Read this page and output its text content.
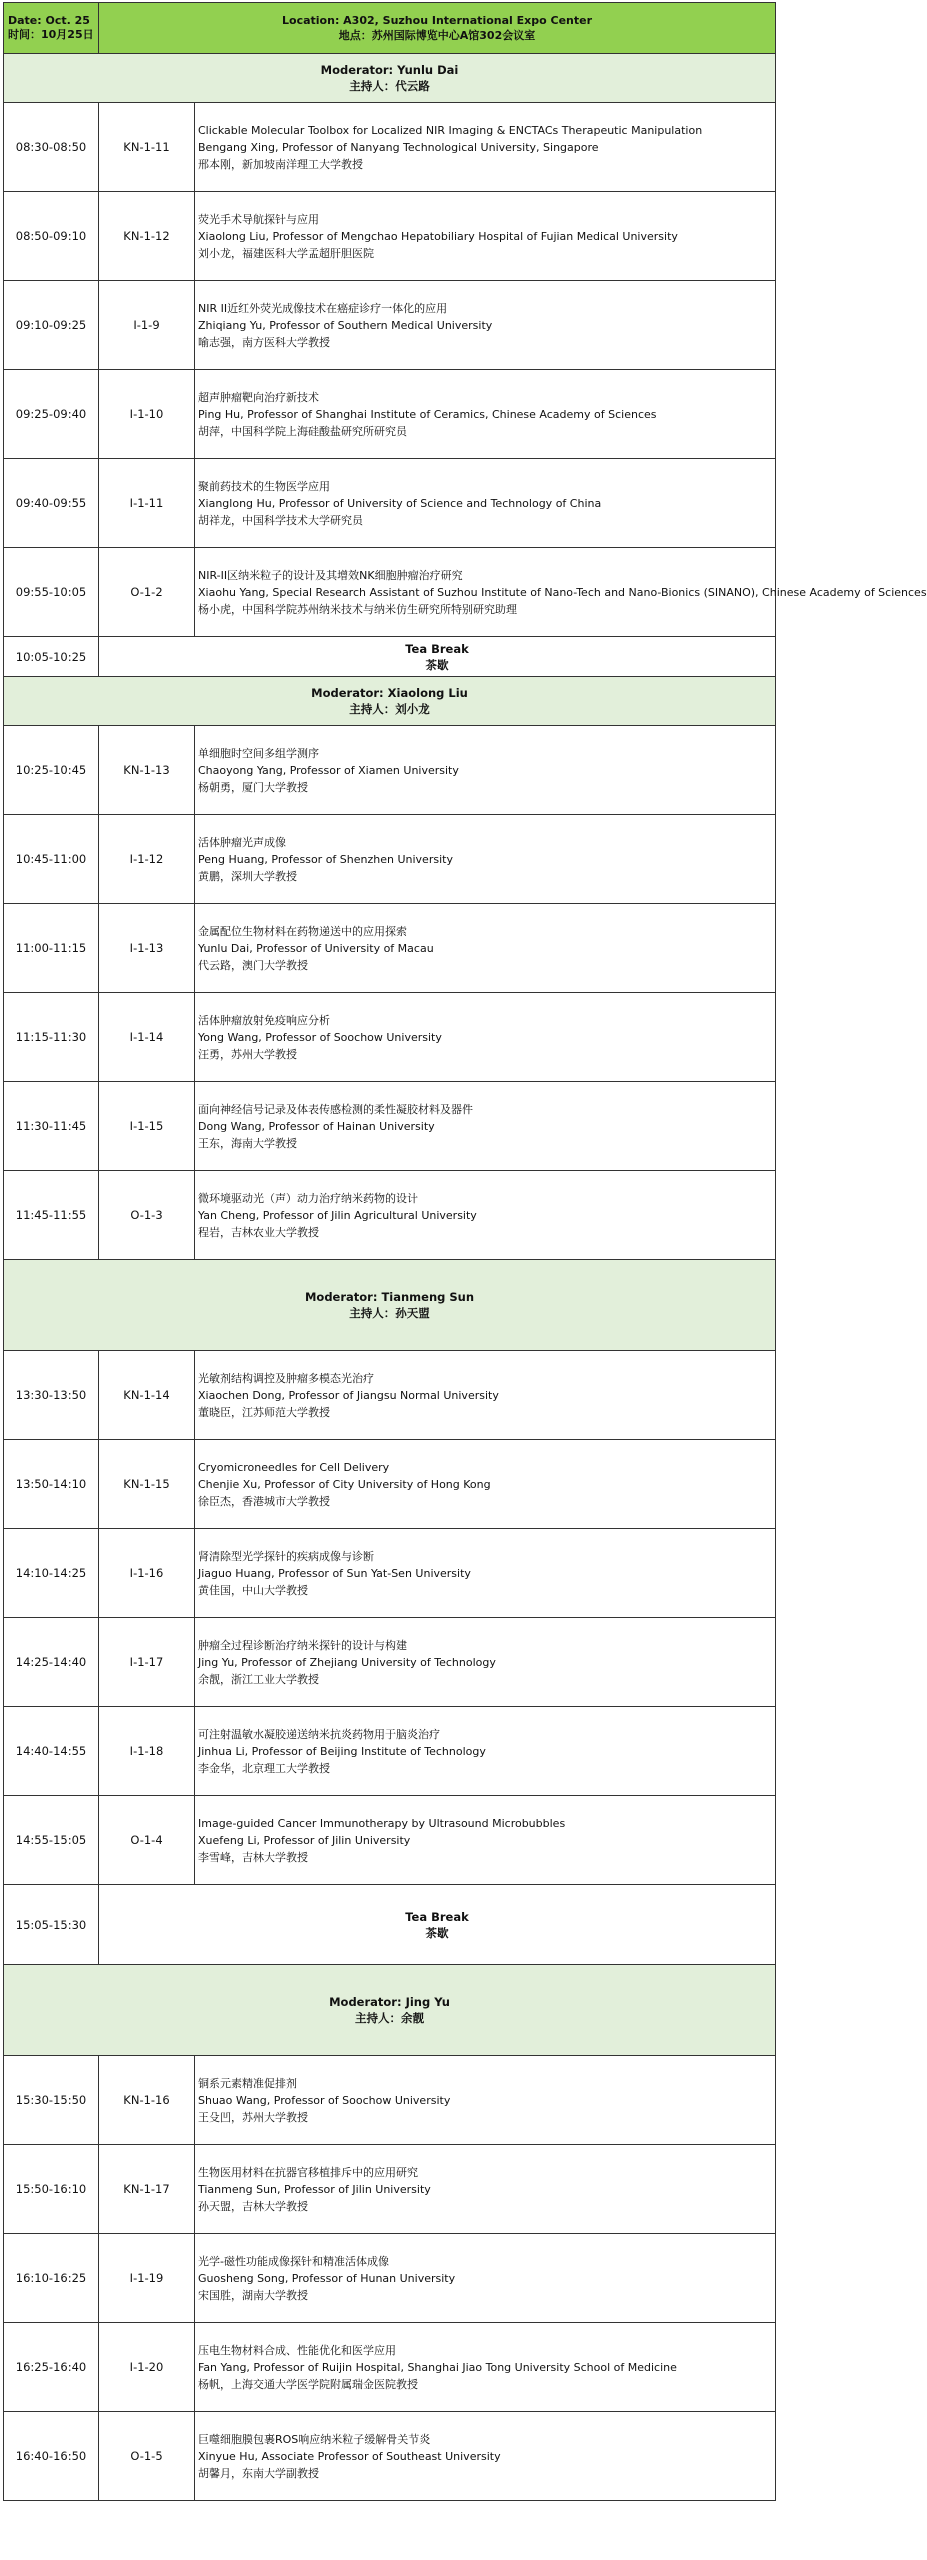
Date: Oct. 25
时间：10月25日	Location: A302, Suzhou International Expo Center
地点：苏州国际博览中心A馆302会议室	

Moderator: Yunlu Dai
主持人：代云路		

08:30-08:50	KN-1-11	Clickable Molecular Toolbox for Localized NIR Imaging & ENCTACs Therapeutic Manipulation
Bengang Xing, Professor of Nanyang Technological University, Singapore
邢本刚，新加坡南洋理工大学教授

08:50-09:10	KN-1-12	荧光手术导航探针与应用
Xiaolong Liu, Professor of Mengchao Hepatobiliary Hospital of Fujian Medical University
刘小龙，福建医科大学孟超肝胆医院

09:10-09:25	I-1-9	NIR II近红外荧光成像技术在癌症诊疗一体化的应用
Zhiqiang Yu, Professor of Southern Medical University
喻志强，南方医科大学教授

09:25-09:40	I-1-10	超声肿瘤靶向治疗新技术
Ping Hu, Professor of Shanghai Institute of Ceramics, Chinese Academy of Sciences
胡萍，中国科学院上海硅酸盐研究所研究员

09:40-09:55	I-1-11	聚前药技术的生物医学应用
Xianglong Hu, Professor of University of Science and Technology of China
胡祥龙，中国科学技术大学研究员

09:55-10:05	O-1-2	NIR-II区纳米粒子的设计及其增效NK细胞肿瘤治疗研究
Xiaohu Yang, Special Research Assistant of Suzhou Institute of Nano-Tech and Nano-Bionics (SINANO), Chinese Academy of Sciences
杨小虎，中国科学院苏州纳米技术与纳米仿生研究所特别研究助理

10:05-10:25	Tea Break
茶歇	

Moderator: Xiaolong Liu
主持人：刘小龙		

10:25-10:45	KN-1-13	单细胞时空间多组学测序
Chaoyong Yang, Professor of Xiamen University
杨朝勇，厦门大学教授

10:45-11:00	I-1-12	活体肿瘤光声成像
Peng Huang, Professor of Shenzhen University
黄鹏，深圳大学教授

11:00-11:15	I-1-13	金属配位生物材料在药物递送中的应用探索
Yunlu Dai, Professor of University of Macau
代云路，澳门大学教授

11:15-11:30	I-1-14	活体肿瘤放射免疫响应分析
Yong Wang, Professor of Soochow University
汪勇，苏州大学教授

11:30-11:45	I-1-15	面向神经信号记录及体表传感检测的柔性凝胶材料及器件
Dong Wang, Professor of Hainan University
王东，海南大学教授

11:45-11:55	O-1-3	微环境驱动光（声）动力治疗纳米药物的设计
Yan Cheng, Professor of Jilin Agricultural University
程岩，吉林农业大学教授

Moderator: Tianmeng Sun
主持人：孙天盟		

13:30-13:50	KN-1-14	光敏剂结构调控及肿瘤多模态光治疗
Xiaochen Dong, Professor of Jiangsu Normal University
董晓臣，江苏师范大学教授

13:50-14:10	KN-1-15	Cryomicroneedles for Cell Delivery
Chenjie Xu, Professor of City University of Hong Kong
徐臣杰，香港城市大学教授

14:10-14:25	I-1-16	肾清除型光学探针的疾病成像与诊断
Jiaguo Huang, Professor of Sun Yat-Sen University
黄佳国，中山大学教授

14:25-14:40	I-1-17	肿瘤全过程诊断治疗纳米探针的设计与构建
Jing Yu, Professor of Zhejiang University of Technology
余靓，浙江工业大学教授

14:40-14:55	I-1-18	可注射温敏水凝胶递送纳米抗炎药物用于脑炎治疗
Jinhua Li, Professor of Beijing Institute of Technology
李金华，北京理工大学教授

14:55-15:05	O-1-4	Image-guided Cancer Immunotherapy by Ultrasound Microbubbles
Xuefeng Li, Professor of Jilin University
李雪峰，吉林大学教授

15:05-15:30	Tea Break
茶歇	

Moderator: Jing Yu
主持人：余靓		

15:30-15:50	KN-1-16	铜系元素精准促排剂
Shuao Wang, Professor of Soochow University
王殳凹，苏州大学教授

15:50-16:10	KN-1-17	生物医用材料在抗器官移植排斥中的应用研究
Tianmeng Sun, Professor of Jilin University
孙天盟，吉林大学教授

16:10-16:25	I-1-19	光学-磁性功能成像探针和精准活体成像
Guosheng Song, Professor of Hunan University
宋国胜，湖南大学教授

16:25-16:40	I-1-20	压电生物材料合成、性能优化和医学应用
Fan Yang, Professor of Ruijin Hospital, Shanghai Jiao Tong University School of Medicine
杨帆，上海交通大学医学院附属瑞金医院教授

16:40-16:50	O-1-5	巨噬细胞膜包裹ROS响应纳米粒子缓解骨关节炎
Xinyue Hu, Associate Professor of Southeast University
胡馨月，东南大学副教授
